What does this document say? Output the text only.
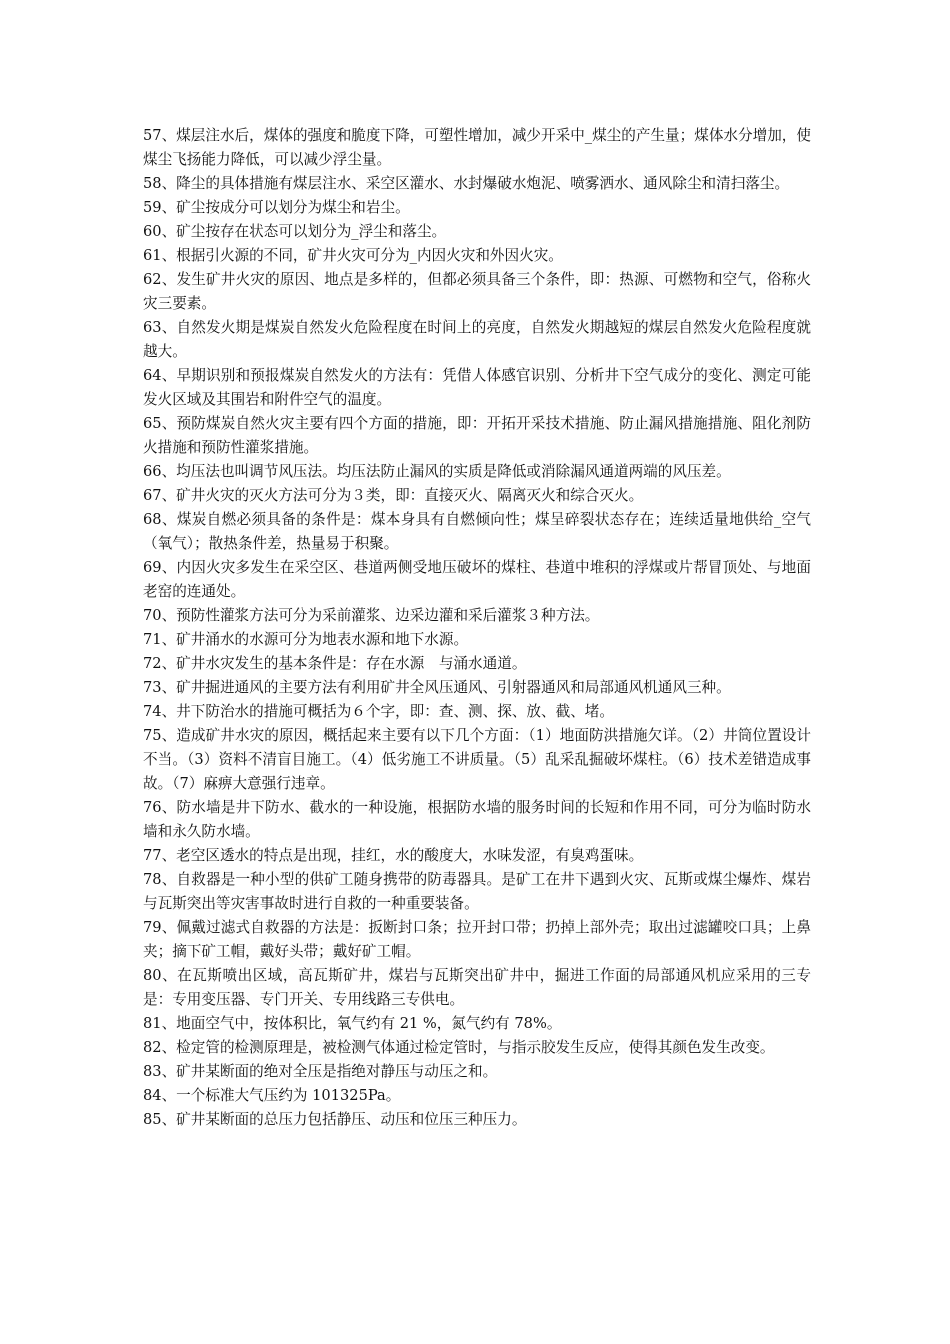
57、煤层注水后，煤体的强度和脆度下降，可塑性增加，减少开采中_煤尘的产生量；煤体水分增加，使煤尘飞扬能力降低，可以减少浮尘量。

58、降尘的具体措施有煤层注水、采空区灌水、水封爆破水炮泥、喷雾洒水、通风除尘和清扫落尘。

59、矿尘按成分可以划分为煤尘和岩尘。

60、矿尘按存在状态可以划分为_浮尘和落尘。

61、根据引火源的不同，矿井火灾可分为_内因火灾和外因火灾。

62、发生矿井火灾的原因、地点是多样的，但都必须具备三个条件，即：热源、可燃物和空气，俗称火灾三要素。

63、自然发火期是煤炭自然发火危险程度在时间上的亮度，自然发火期越短的煤层自然发火危险程度就越大。

64、早期识别和预报煤炭自然发火的方法有：凭借人体感官识别、分析井下空气成分的变化、测定可能发火区域及其围岩和附件空气的温度。

65、预防煤炭自然火灾主要有四个方面的措施，即：开拓开采技术措施、防止漏风措施措施、阻化剂防火措施和预防性灌浆措施。

66、均压法也叫调节风压法。均压法防止漏风的实质是降低或消除漏风通道两端的风压差。

67、矿井火灾的灭火方法可分为３类，即：直接灭火、隔离灭火和综合灭火。

68、煤炭自燃必须具备的条件是：煤本身具有自燃倾向性；煤呈碎裂状态存在；连续适量地供给_空气（氧气）；散热条件差，热量易于积聚。

69、内因火灾多发生在采空区、巷道两侧受地压破坏的煤柱、巷道中堆积的浮煤或片帮冒顶处、与地面老窑的连通处。

70、预防性灌浆方法可分为采前灌浆、边采边灌和采后灌浆３种方法。

71、矿井涌水的水源可分为地表水源和地下水源。

72、矿井水灾发生的基本条件是：存在水源　与涌水通道。

73、矿井掘进通风的主要方法有利用矿井全风压通风、引射器通风和局部通风机通风三种。

74、井下防治水的措施可概括为６个字，即：查、测、探、放、截、堵。

75、造成矿井水灾的原因，概括起来主要有以下几个方面：（1）地面防洪措施欠详。（2）井筒位置设计不当。（3）资料不清盲目施工。（4）低劣施工不讲质量。（5）乱采乱掘破坏煤柱。（6）技术差错造成事故。（7）麻痹大意强行违章。

76、防水墙是井下防水、截水的一种设施，根据防水墙的服务时间的长短和作用不同，可分为临时防水墙和永久防水墙。

77、老空区透水的特点是出现，挂红，水的酸度大，水味发涩，有臭鸡蛋味。

78、自救器是一种小型的供矿工随身携带的防毒器具。是矿工在井下遇到火灾、瓦斯或煤尘爆炸、煤岩与瓦斯突出等灾害事故时进行自救的一种重要装备。

79、佩戴过滤式自救器的方法是：扳断封口条；拉开封口带；扔掉上部外壳；取出过滤罐咬口具；上鼻夹；摘下矿工帽，戴好头带；戴好矿工帽。

80、在瓦斯喷出区域，高瓦斯矿井，煤岩与瓦斯突出矿井中，掘进工作面的局部通风机应采用的三专是：专用变压器、专门开关、专用线路三专供电。

81、地面空气中，按体积比，氧气约有 21 %，氮气约有 78%。

82、检定管的检测原理是，被检测气体通过检定管时，与指示胶发生反应，使得其颜色发生改变。

83、矿井某断面的绝对全压是指绝对静压与动压之和。

84、一个标准大气压约为 101325Pa。

85、矿井某断面的总压力包括静压、动压和位压三种压力。
